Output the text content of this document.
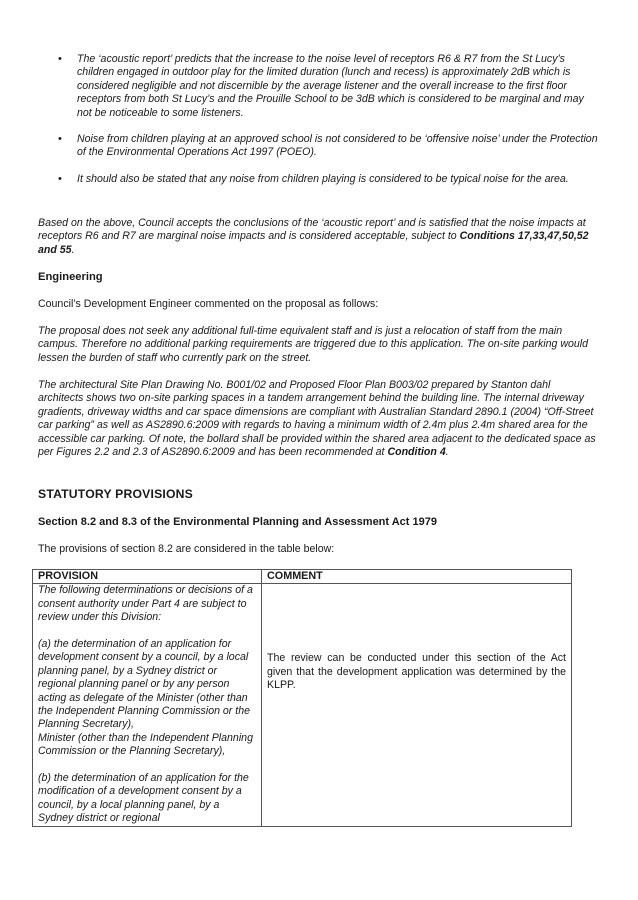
• The ‘acoustic report’ predicts that the increase to the noise level of receptors R6 & R7 from the St Lucy’s children engaged in outdoor play for the limited duration (lunch and recess) is approximately 2dB which is considered negligible and not discernible by the average listener and the overall increase to the first floor receptors from both St Lucy’s and the Prouille School to be 3dB which is considered to be marginal and may not be noticeable to some listeners.
• Noise from children playing at an approved school is not considered to be ‘offensive noise’ under the Protection of the Environmental Operations Act 1997 (POEO).
• It should also be stated that any noise from children playing is considered to be typical noise for the area.

Based on the above, Council accepts the conclusions of the ‘acoustic report’ and is satisfied that the noise impacts at receptors R6 and R7 are marginal noise impacts and is considered acceptable, subject to Conditions 17,33,47,50,52 and 55.

Engineering

Council’s Development Engineer commented on the proposal as follows:

The proposal does not seek any additional full-time equivalent staff and is just a relocation of staff from the main campus. Therefore no additional parking requirements are triggered due to this application. The on-site parking would lessen the burden of staff who currently park on the street.

The architectural Site Plan Drawing No. B001/02 and Proposed Floor Plan B003/02 prepared by Stanton dahl architects shows two on-site parking spaces in a tandem arrangement behind the building line. The internal driveway gradients, driveway widths and car space dimensions are compliant with Australian Standard 2890.1 (2004) “Off-Street car parking” as well as AS2890.6:2009 with regards to having a minimum width of 2.4m plus 2.4m shared area for the accessible car parking. Of note, the bollard shall be provided within the shared area adjacent to the dedicated space as per Figures 2.2 and 2.3 of AS2890.6:2009 and has been recommended at Condition 4.

STATUTORY PROVISIONS
Section 8.2 and 8.3 of the Environmental Planning and Assessment Act 1979

The provisions of section 8.2 are considered in the table below:

PROVISION	COMMENT

The following determinations or decisions of a consent authority under Part 4 are subject to review under this Division:

(a) the determination of an application for development consent by a council, by a local planning panel, by a Sydney district or regional planning panel or by any person acting as delegate of the Minister (other than the Independent Planning Commission or the Planning Secretary),

Minister (other than the Independent Planning Commission or the Planning Secretary),

(b) the determination of an application for the modification of a development consent by a council, by a local planning panel, by a Sydney district or regional	The review can be conducted under this section of the Act given that the development application was determined by the KLPP.
